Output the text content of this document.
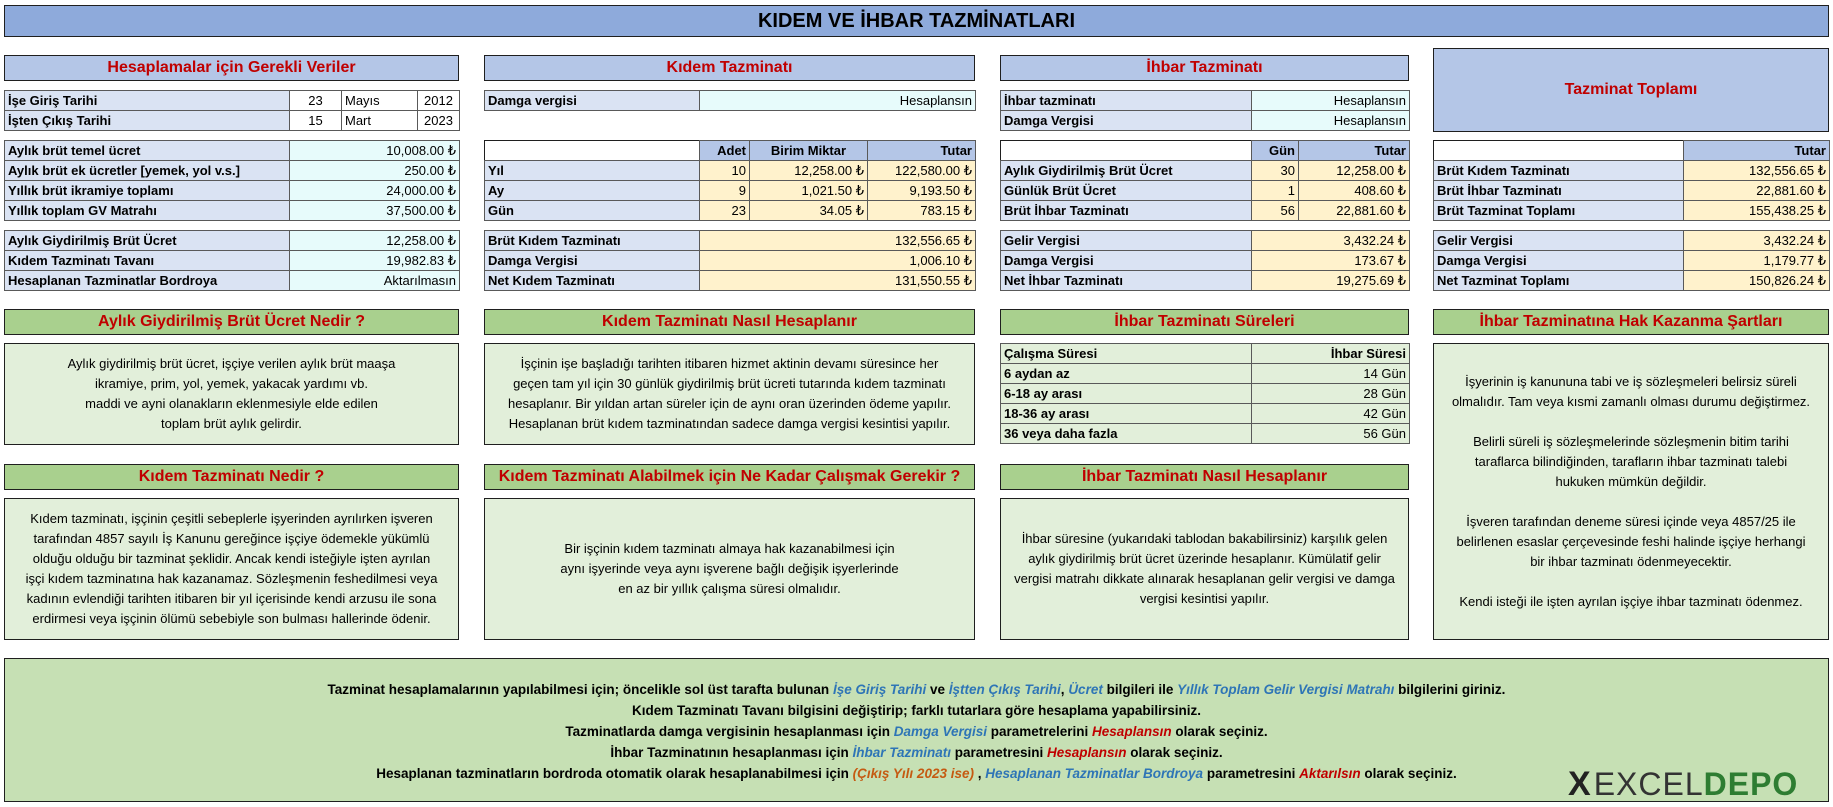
KIDEM VE İHBAR TAZMİNATLARI
Hesaplamalar için Gerekli Veriler
İşe Giriş Tarihi	23	Mayıs	2012
İşten Çıkış Tarihi	15	Mart	2023
Aylık brüt temel ücret	10,008.00 ₺
Aylık brüt ek ücretler [yemek, yol v.s.]	250.00 ₺
Yıllık brüt ikramiye toplamı	24,000.00 ₺
Yıllık toplam GV Matrahı	37,500.00 ₺
Aylık Giydirilmiş Brüt Ücret	12,258.00 ₺
Kıdem Tazminatı Tavanı	19,982.83 ₺
Hesaplanan Tazminatlar Bordroya	Aktarılmasın
Kıdem Tazminatı
Damga vergisi	Hesaplansın
	Adet	Birim Miktar	Tutar
Yıl	10	12,258.00 ₺	122,580.00 ₺
Ay	9	1,021.50 ₺	9,193.50 ₺
Gün	23	34.05 ₺	783.15 ₺
Brüt Kıdem Tazminatı	132,556.65 ₺
Damga Vergisi	1,006.10 ₺
Net Kıdem Tazminatı	131,550.55 ₺
İhbar Tazminatı
İhbar tazminatı	Hesaplansın
Damga Vergisi	Hesaplansın
	Gün	Tutar
Aylık Giydirilmiş Brüt Ücret	30	12,258.00 ₺
Günlük Brüt Ücret	1	408.60 ₺
Brüt İhbar Tazminatı	56	22,881.60 ₺
Gelir Vergisi	3,432.24 ₺
Damga Vergisi	173.67 ₺
Net İhbar Tazminatı	19,275.69 ₺
Tazminat Toplamı
	Tutar
Brüt Kıdem Tazminatı	132,556.65 ₺
Brüt İhbar Tazminatı	22,881.60 ₺
Brüt Tazminat Toplamı	155,438.25 ₺
Gelir Vergisi	3,432.24 ₺
Damga Vergisi	1,179.77 ₺
Net Tazminat Toplamı	150,826.24 ₺
Aylık Giydirilmiş Brüt Ücret Nedir ?

Aylık giydirilmiş brüt ücret, işçiye verilen aylık brüt maaşa

ikramiye, prim, yol, yemek, yakacak yardımı vb.

maddi ve ayni olanakların eklenmesiyle elde edilen

toplam brüt aylık gelirdir.

Kıdem Tazminatı Nasıl Hesaplanır

İşçinin işe başladığı tarihten itibaren hizmet aktinin devamı süresince her

geçen tam yıl için 30 günlük giydirilmiş brüt ücreti tutarında kıdem tazminatı

hesaplanır. Bir yıldan artan süreler için de aynı oran üzerinden ödeme yapılır.

Hesaplanan brüt kıdem tazminatından sadece damga vergisi kesintisi yapılır.

İhbar Tazminatı Süreleri
Çalışma Süresi	İhbar Süresi
6 aydan az	14 Gün
6-18 ay arası	28 Gün
18-36 ay arası	42 Gün
36 veya daha fazla	56 Gün
İhbar Tazminatına Hak Kazanma Şartları

İşyerinin iş kanununa tabi ve iş sözleşmeleri belirsiz süreli

olmalıdır. Tam veya kısmi zamanlı olması durumu değiştirmez.

Belirli süreli iş sözleşmelerinde sözleşmenin bitim tarihi

taraflarca bilindiğinden, tarafların ihbar tazminatı talebi

hukuken mümkün değildir.

İşveren tarafından deneme süresi içinde veya 4857/25 ile

belirlenen esaslar çerçevesinde feshi halinde işçiye herhangi

bir ihbar tazminatı ödenmeyecektir.

Kendi isteği ile işten ayrılan işçiye ihbar tazminatı ödenmez.

Kıdem Tazminatı Nedir ?

Kıdem tazminatı, işçinin çeşitli sebeplerle işyerinden ayrılırken işveren

tarafından 4857 sayılı İş Kanunu gereğince işçiye ödemekle yükümlü

olduğu olduğu bir tazminat şeklidir. Ancak kendi isteğiyle işten ayrılan

işçi kıdem tazminatına hak kazanamaz. Sözleşmenin feshedilmesi veya

kadının evlendiği tarihten itibaren bir yıl içerisinde kendi arzusu ile sona

erdirmesi veya işçinin ölümü sebebiyle son bulması hallerinde ödenir.

Kıdem Tazminatı Alabilmek için Ne Kadar Çalışmak Gerekir ?

Bir işçinin kıdem tazminatı almaya hak kazanabilmesi için

aynı işyerinde veya aynı işverene bağlı değişik işyerlerinde

en az bir yıllık çalışma süresi olmalıdır.

İhbar Tazminatı Nasıl Hesaplanır

İhbar süresine (yukarıdaki tablodan bakabilirsiniz) karşılık gelen

aylık giydirilmiş brüt ücret üzerinde hesaplanır. Kümülatif gelir

vergisi matrahı dikkate alınarak hesaplanan gelir vergisi ve damga

vergisi kesintisi yapılır.

Tazminat hesaplamalarının yapılabilmesi için; öncelikle sol üst tarafta bulunan İşe Giriş Tarihi ve İştten Çıkış Tarihi, Ücret bilgileri ile Yıllık Toplam Gelir Vergisi Matrahı bilgilerini giriniz.
Kıdem Tazminatı Tavanı bilgisini değiştirip; farklı tutarlara göre hesaplama yapabilirsiniz.
Tazminatlarda damga vergisinin hesaplanması için Damga Vergisi parametrelerini Hesaplansın olarak seçiniz.
İhbar Tazminatının hesaplanması için İhbar Tazminatı parametresini Hesaplansın olarak seçiniz.
Hesaplanan tazminatların bordroda otomatik olarak hesaplanabilmesi için (Çıkış Yılı 2023 ise) , Hesaplanan Tazminatlar Bordroya parametresini Aktarılsın olarak seçiniz.	X EXCEL DEPO
